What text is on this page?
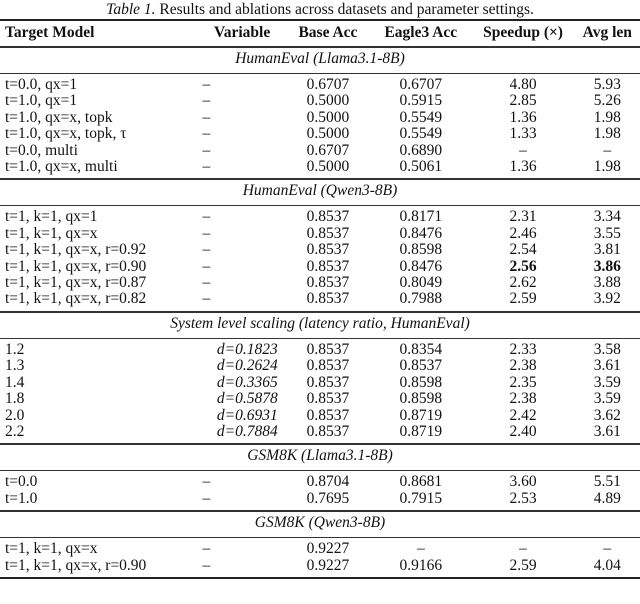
Table 1. Results and ablations across datasets and parameter settings.
Target Model	Variable	Base Acc	Eagle3 Acc	Speedup (×)	Avg len
HumanEval (Llama3.1-8B)					
t=0.0, qx=1	–	0.6707	0.6707	4.80	5.93
t=1.0, qx=1	–	0.5000	0.5915	2.85	5.26
t=1.0, qx=x, topk	–	0.5000	0.5549	1.36	1.98
t=1.0, qx=x, topk, τ	–	0.5000	0.5549	1.33	1.98
t=0.0, multi	–	0.6707	0.6890	–	–
t=1.0, qx=x, multi	–	0.5000	0.5061	1.36	1.98
HumanEval (Qwen3-8B)					
t=1, k=1, qx=1	–	0.8537	0.8171	2.31	3.34
t=1, k=1, qx=x	–	0.8537	0.8476	2.46	3.55
t=1, k=1, qx=x, r=0.92	–	0.8537	0.8598	2.54	3.81
t=1, k=1, qx=x, r=0.90	–	0.8537	0.8476	2.56	3.86
t=1, k=1, qx=x, r=0.87	–	0.8537	0.8049	2.62	3.88
t=1, k=1, qx=x, r=0.82	–	0.8537	0.7988	2.59	3.92
System level scaling (latency ratio, HumanEval)					
1.2	d=0.1823	0.8537	0.8354	2.33	3.58
1.3	d=0.2624	0.8537	0.8537	2.38	3.61
1.4	d=0.3365	0.8537	0.8598	2.35	3.59
1.8	d=0.5878	0.8537	0.8598	2.38	3.59
2.0	d=0.6931	0.8537	0.8719	2.42	3.62
2.2	d=0.7884	0.8537	0.8719	2.40	3.61
GSM8K (Llama3.1-8B)					
t=0.0	–	0.8704	0.8681	3.60	5.51
t=1.0	–	0.7695	0.7915	2.53	4.89
GSM8K (Qwen3-8B)					
t=1, k=1, qx=x	–	0.9227	–	–	–
t=1, k=1, qx=x, r=0.90	–	0.9227	0.9166	2.59	4.04
